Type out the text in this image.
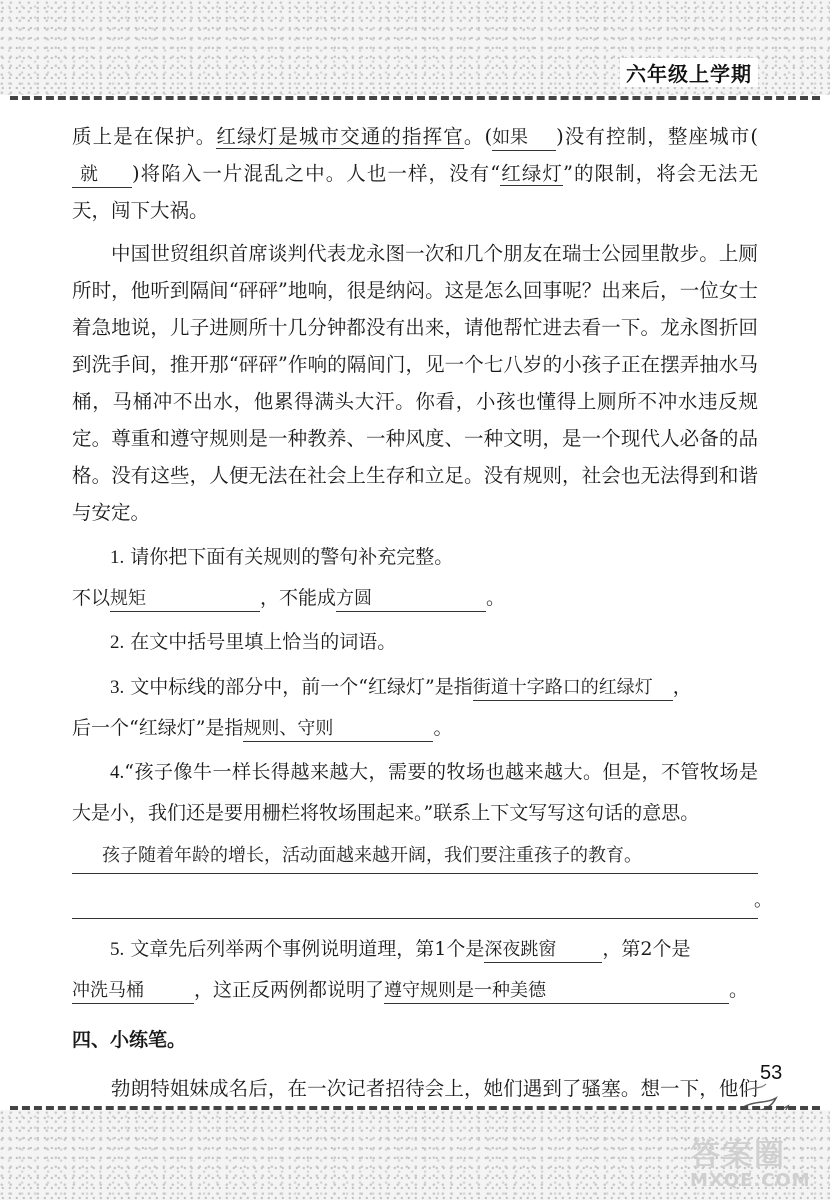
六年级上学期

质上是在保护。红绿灯是城市交通的指挥官。(如果 )没有控制，整座城市(就 )将陷入一片混乱之中。人也一样，没有“红绿灯”的限制，将会无法无天，闯下大祸。

中国世贸组织首席谈判代表龙永图一次和几个朋友在瑞士公园里散步。上厕所时，他听到隔间“砰砰”地响，很是纳闷。这是怎么回事呢？出来后，一位女士着急地说，儿子进厕所十几分钟都没有出来，请他帮忙进去看一下。龙永图折回到洗手间，推开那“砰砰”作响的隔间门，见一个七八岁的小孩子正在摆弄抽水马桶，马桶冲不出水，他累得满头大汗。你看，小孩也懂得上厕所不冲水违反规定。尊重和遵守规则是一种教养、一种风度、一种文明，是一个现代人必备的品格。没有这些，人便无法在社会上生存和立足。没有规则，社会也无法得到和谐与安定。

1. 请你把下面有关规则的警句补充完整。

不以规矩	，不能成方圆	。

2. 在文中括号里填上恰当的词语。

3. 文中标线的部分中，前一个“红绿灯”是指街道十字路口的红绿灯 ，

后一个“红绿灯”是指规则、守则	。

4.“孩子像牛一样长得越来越大，需要的牧场也越来越大。但是，不管牧场是大是小，我们还是要用栅栏将牧场围起来。”联系上下文写写这句话的意思。

孩子随着年龄的增长，活动面越来越开阔，我们要注重孩子的教育。
。

5. 文章先后列举两个事例说明道理，第1个是深夜跳窗 ，第2个是

冲洗马桶	，这正反两例都说明了遵守规则是一种美德	。

四、小练笔。

勃朗特姐妹成名后，在一次记者招待会上，她们遇到了骚塞。想一下，他们

53
答案圈
MXQE.COM
